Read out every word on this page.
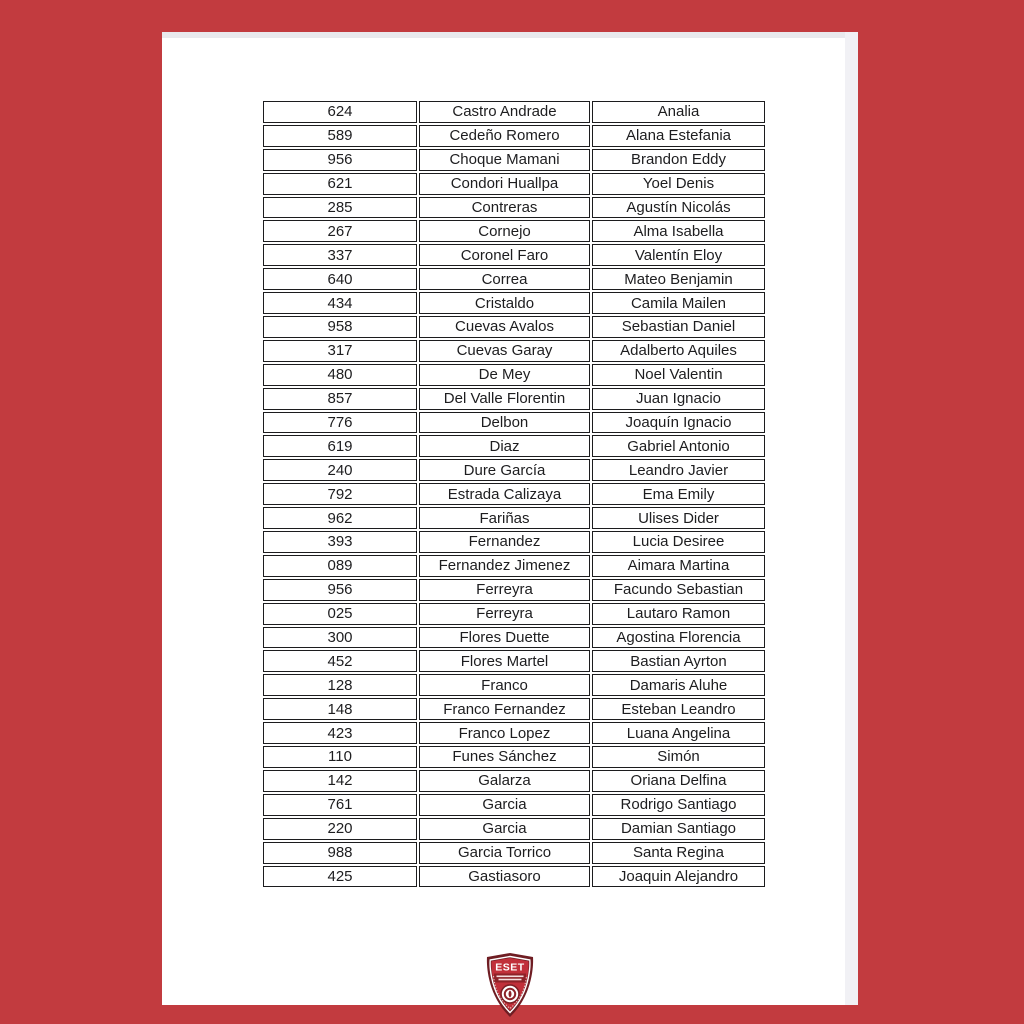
624	Castro Andrade	Analia
589	Cedeño Romero	Alana Estefania
956	Choque Mamani	Brandon Eddy
621	Condori Huallpa	Yoel Denis
285	Contreras	Agustín Nicolás
267	Cornejo	Alma Isabella
337	Coronel Faro	Valentín Eloy
640	Correa	Mateo Benjamin
434	Cristaldo	Camila Mailen
958	Cuevas Avalos	Sebastian Daniel
317	Cuevas Garay	Adalberto Aquiles
480	De Mey	Noel Valentin
857	Del Valle Florentin	Juan Ignacio
776	Delbon	Joaquín Ignacio
619	Diaz	Gabriel Antonio
240	Dure García	Leandro Javier
792	Estrada Calizaya	Ema Emily
962	Fariñas	Ulises Dider
393	Fernandez	Lucia Desiree
089	Fernandez Jimenez	Aimara Martina
956	Ferreyra	Facundo Sebastian
025	Ferreyra	Lautaro Ramon
300	Flores Duette	Agostina Florencia
452	Flores Martel	Bastian Ayrton
128	Franco	Damaris Aluhe
148	Franco Fernandez	Esteban Leandro
423	Franco Lopez	Luana Angelina
110	Funes Sánchez	Simón
142	Galarza	Oriana Delfina
761	Garcia	Rodrigo Santiago
220	Garcia	Damian Santiago
988	Garcia Torrico	Santa Regina
425	Gastiasoro	Joaquin Alejandro
ESET
